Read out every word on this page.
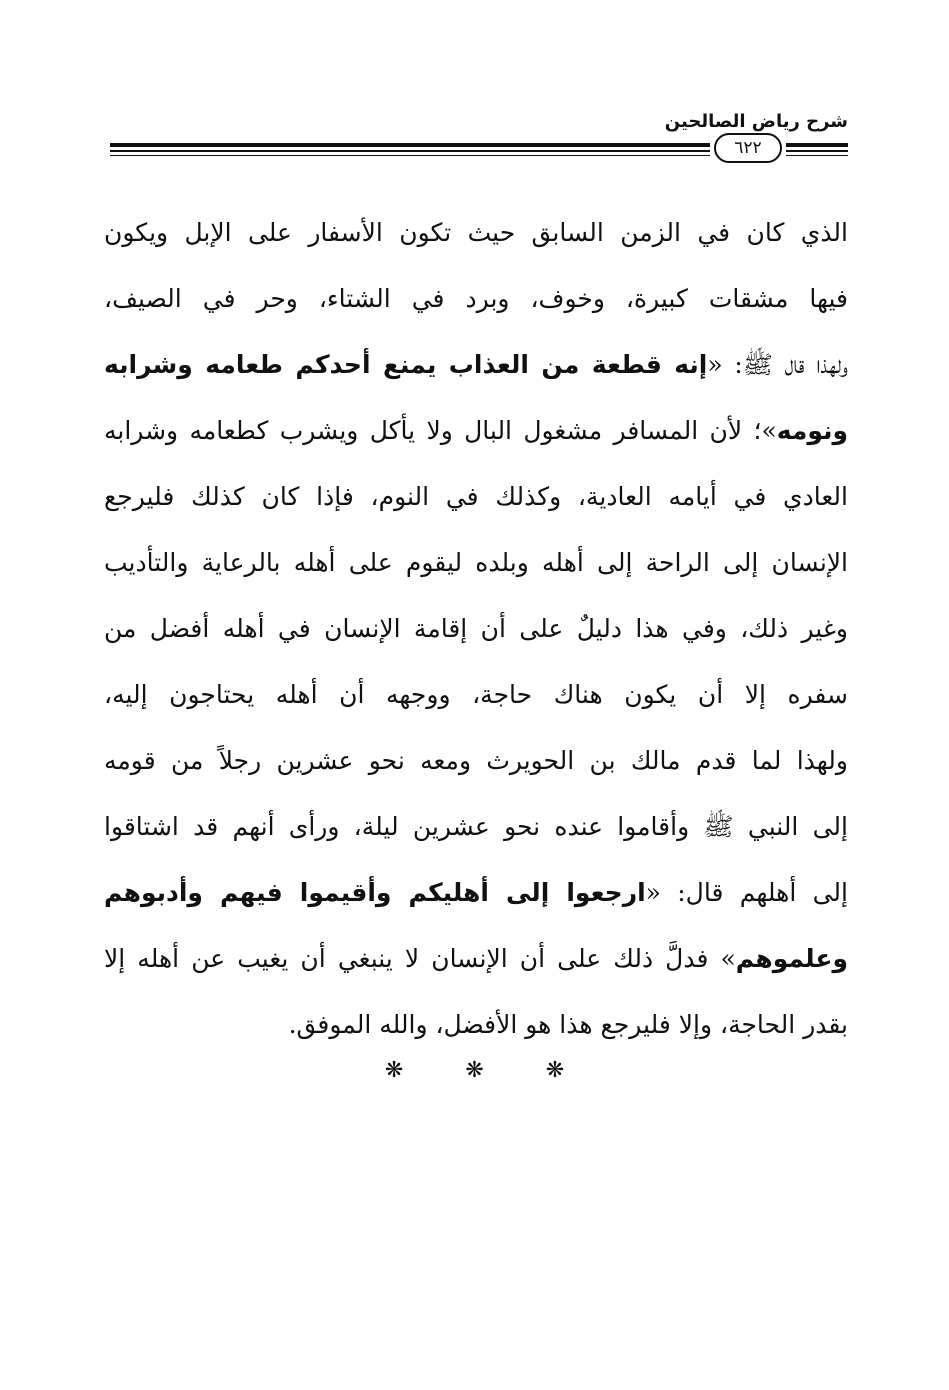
٦٢٢
شرح رياض الصالحين
الذي كان في الزمن السابق حيث تكون الأسفار على الإبل ويكون
فيها مشقات كبيرة، وخوف، وبرد في الشتاء، وحر في الصيف،
ولهذا قال ﷺ: «إنه قطعة من العذاب يمنع أحدكم طعامه وشرابه
ونومه»؛ لأن المسافر مشغول البال ولا يأكل ويشرب كطعامه وشرابه
العادي في أيامه العادية، وكذلك في النوم، فإذا كان كذلك فليرجع
الإنسان إلى الراحة إلى أهله وبلده ليقوم على أهله بالرعاية والتأديب
وغير ذلك، وفي هذا دليلٌ على أن إقامة الإنسان في أهله أفضل من
سفره إلا أن يكون هناك حاجة، ووجهه أن أهله يحتاجون إليه،
ولهذا لما قدم مالك بن الحويرث ومعه نحو عشرين رجلاً من قومه
إلى النبي ﷺ وأقاموا عنده نحو عشرين ليلة، ورأى أنهم قد اشتاقوا
إلى أهلهم قال: «ارجعوا إلى أهليكم وأقيموا فيهم وأدبوهم
وعلموهم» فدلَّ ذلك على أن الإنسان لا ينبغي أن يغيب عن أهله إلا
بقدر الحاجة، وإلا فليرجع هذا هو الأفضل، والله الموفق.
❋	❋	❋
